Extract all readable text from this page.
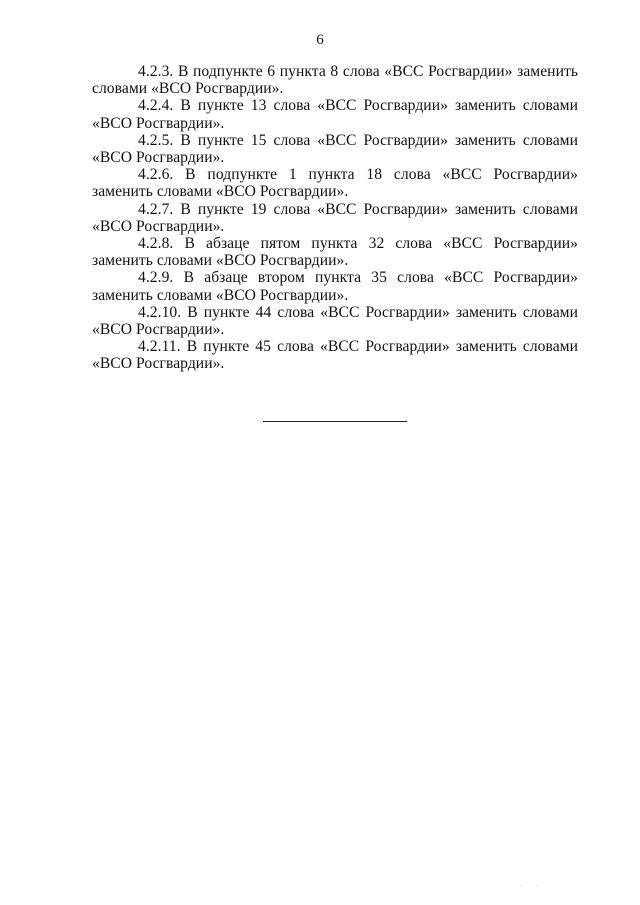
6

4.2.3. В подпункте 6 пункта 8 слова «ВСС Росгвардии» заменить словами «ВСО Росгвардии».

4.2.4. В пункте 13 слова «ВСС Росгвардии» заменить словами «ВСО Росгвардии».

4.2.5. В пункте 15 слова «ВСС Росгвардии» заменить словами «ВСО Росгвардии».

4.2.6. В подпункте 1 пункта 18 слова «ВСС Росгвардии» заменить словами «ВСО Росгвардии».

4.2.7. В пункте 19 слова «ВСС Росгвардии» заменить словами «ВСО Росгвардии».

4.2.8. В абзаце пятом пункта 32 слова «ВСС Росгвардии» заменить словами «ВСО Росгвардии».

4.2.9. В абзаце втором пункта 35 слова «ВСС Росгвардии» заменить словами «ВСО Росгвардии».

4.2.10. В пункте 44 слова «ВСС Росгвардии» заменить словами «ВСО Росгвардии».

4.2.11. В пункте 45 слова «ВСС Росгвардии» заменить словами «ВСО Росгвардии».

· ·
